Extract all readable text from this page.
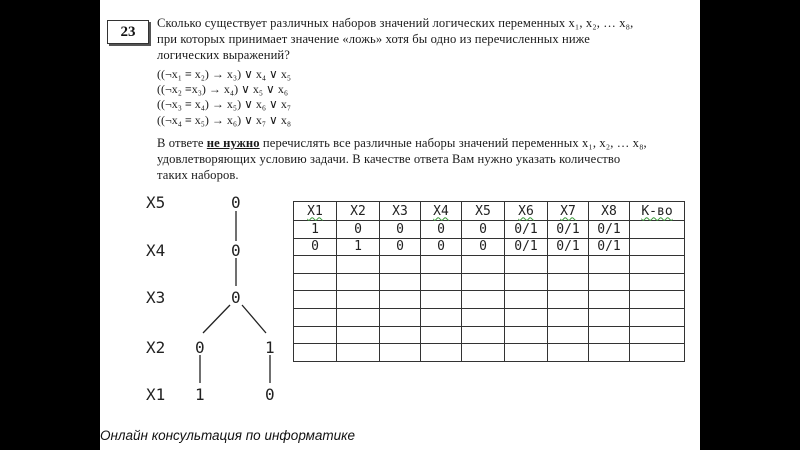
23
Сколько существует различных наборов значений логических переменных x₁, x₂, … x₈,
при которых принимает значение «ложь» хотя бы одно из перечисленных ниже
логических выражений?
((¬x₁ ≡ x₂) → x₃) ∨ x₄ ∨ x₅
((¬x₂ ≡x₃) → x₄) ∨ x₅ ∨ x₆
((¬x₃ ≡ x₄) → x₅) ∨ x₆ ∨ x₇
((¬x₄ ≡ x₅) → x₆) ∨ x₇ ∨ x₈
В ответе не нужно перечислять все различные наборы значений переменных x₁, x₂, … x₈,
удовлетворяющих условию задачи. В качестве ответа Вам нужно указать количество
таких наборов.
X5
X4
X3
X2
X1
0
0
0
0	1
1	0
X1	X2	X3	X4	X5	X6	X7	X8	К-во
1	0	0	0	0	0/1	0/1	0/1	
0	1	0	0	0	0/1	0/1	0/1	

Онлайн консультация по информатике
